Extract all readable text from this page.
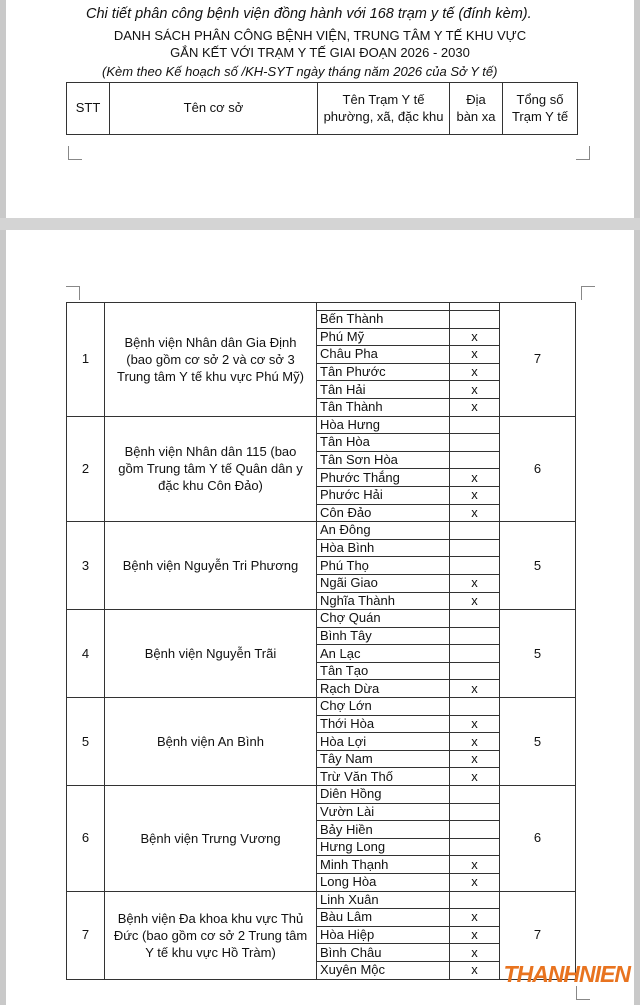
Chi tiết phân công bệnh viện đồng hành với 168 trạm y tế (đính kèm).
DANH SÁCH PHÂN CÔNG BỆNH VIỆN, TRUNG TÂM Y TẾ KHU VỰC
GẮN KẾT VỚI TRẠM Y TẾ GIAI ĐOẠN 2026 - 2030
(Kèm theo Kế hoạch số /KH-SYT ngày tháng năm 2026 của Sở Y tế)
STT	Tên cơ sở	Tên Trạm Y tế phường, xã, đặc khu	Địa bàn xa	Tổng số Trạm Y tế
1	Bệnh viện Nhân dân Gia Định (bao gồm cơ sở 2 và cơ sở 3 Trung tâm Y tế khu vực Phú Mỹ)			7
		Bến Thành		
		Phú Mỹ	x	
		Châu Pha	x	
		Tân Phước	x	
		Tân Hải	x	
		Tân Thành	x	
2	Bệnh viện Nhân dân 115 (bao gồm Trung tâm Y tế Quân dân y đặc khu Côn Đảo)	Hòa Hưng		6
		Tân Hòa		
		Tân Sơn Hòa		
		Phước Thắng	x	
		Phước Hải	x	
		Côn Đảo	x	
3	Bệnh viện Nguyễn Tri Phương	An Đông		5
		Hòa Bình		
		Phú Thọ		
		Ngãi Giao	x	
		Nghĩa Thành	x	
4	Bệnh viện Nguyễn Trãi	Chợ Quán		5
		Bình Tây		
		An Lạc		
		Tân Tạo		
		Rạch Dừa	x	
5	Bệnh viện An Bình	Chợ Lớn		5
		Thới Hòa	x	
		Hòa Lợi	x	
		Tây Nam	x	
		Trừ Văn Thố	x	
6	Bệnh viện Trưng Vương	Diên Hồng		6
		Vườn Lài		
		Bảy Hiền		
		Hưng Long		
		Minh Thạnh	x	
		Long Hòa	x	
7	Bệnh viện Đa khoa khu vực Thủ Đức (bao gồm cơ sở 2 Trung tâm Y tế khu vực Hồ Tràm)	Linh Xuân		7
		Bàu Lâm	x	
		Hòa Hiệp	x	
		Bình Châu	x	
		Xuyên Mộc	x	THANHNIEN
